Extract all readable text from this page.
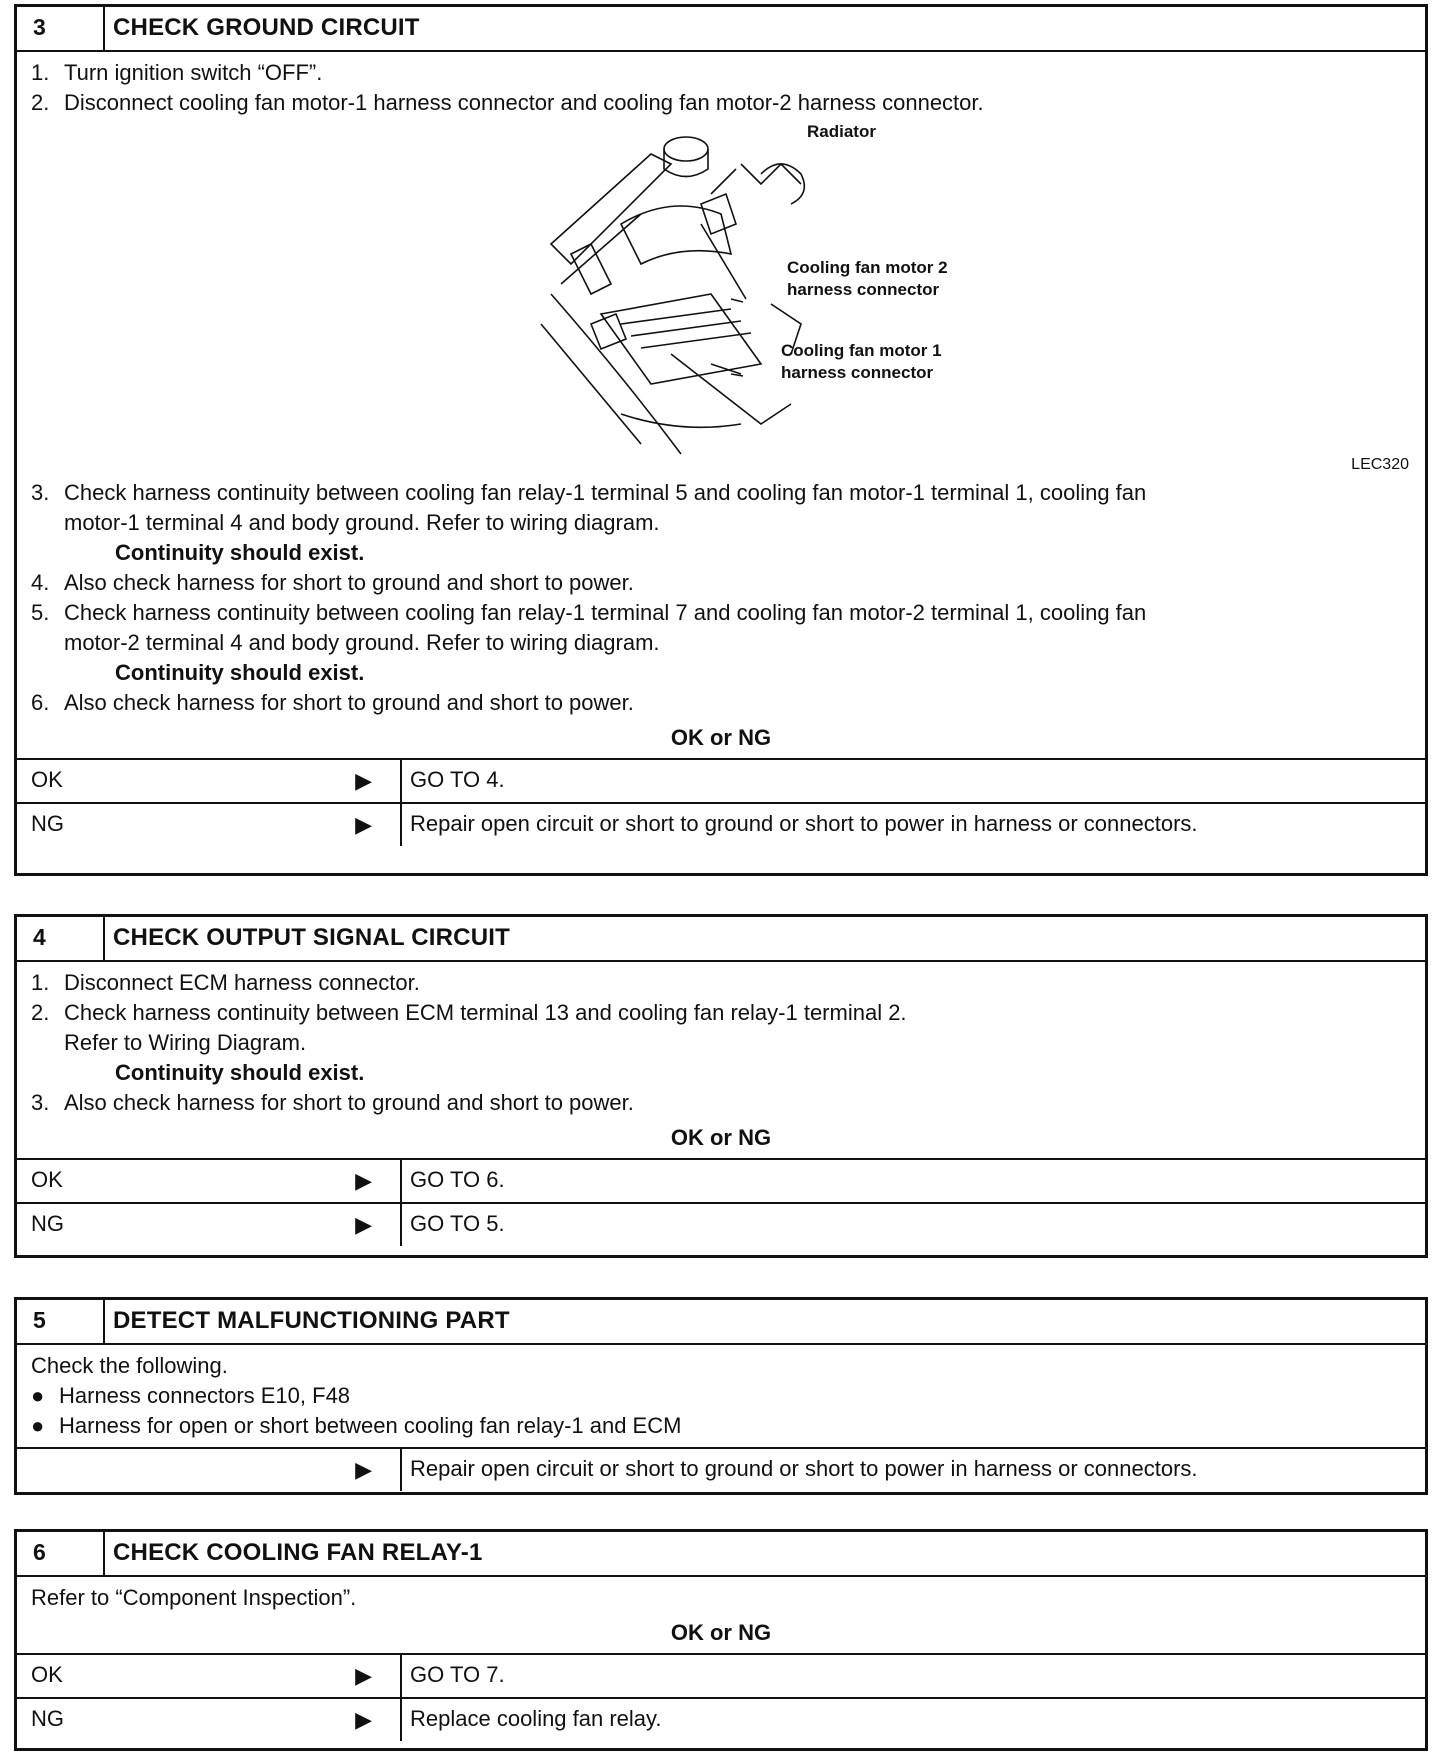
3	CHECK GROUND CIRCUIT
1. Turn ignition switch “OFF”.
2. Disconnect cooling fan motor-1 harness connector and cooling fan motor-2 harness connector.
Radiator
Cooling fan motor 2
harness connector
Cooling fan motor 1
harness connector
LEC320
3. Check harness continuity between cooling fan relay-1 terminal 5 and cooling fan motor-1 terminal 1, cooling fan
motor-1 terminal 4 and body ground. Refer to wiring diagram.
Continuity should exist.
4. Also check harness for short to ground and short to power.
5. Check harness continuity between cooling fan relay-1 terminal 7 and cooling fan motor-2 terminal 1, cooling fan
motor-2 terminal 4 and body ground. Refer to wiring diagram.
Continuity should exist.
6. Also check harness for short to ground and short to power.
OK or NG
OK	▶	GO TO 4.
NG	▶	Repair open circuit or short to ground or short to power in harness or connectors.
4	CHECK OUTPUT SIGNAL CIRCUIT
1. Disconnect ECM harness connector.
2. Check harness continuity between ECM terminal 13 and cooling fan relay-1 terminal 2.
Refer to Wiring Diagram.
Continuity should exist.
3. Also check harness for short to ground and short to power.
OK or NG
OK	▶	GO TO 6.
NG	▶	GO TO 5.
5	DETECT MALFUNCTIONING PART
Check the following.
● Harness connectors E10, F48
● Harness for open or short between cooling fan relay-1 and ECM
▶	Repair open circuit or short to ground or short to power in harness or connectors.
6	CHECK COOLING FAN RELAY-1
Refer to “Component Inspection”.
OK or NG
OK	▶	GO TO 7.
NG	▶	Replace cooling fan relay.
